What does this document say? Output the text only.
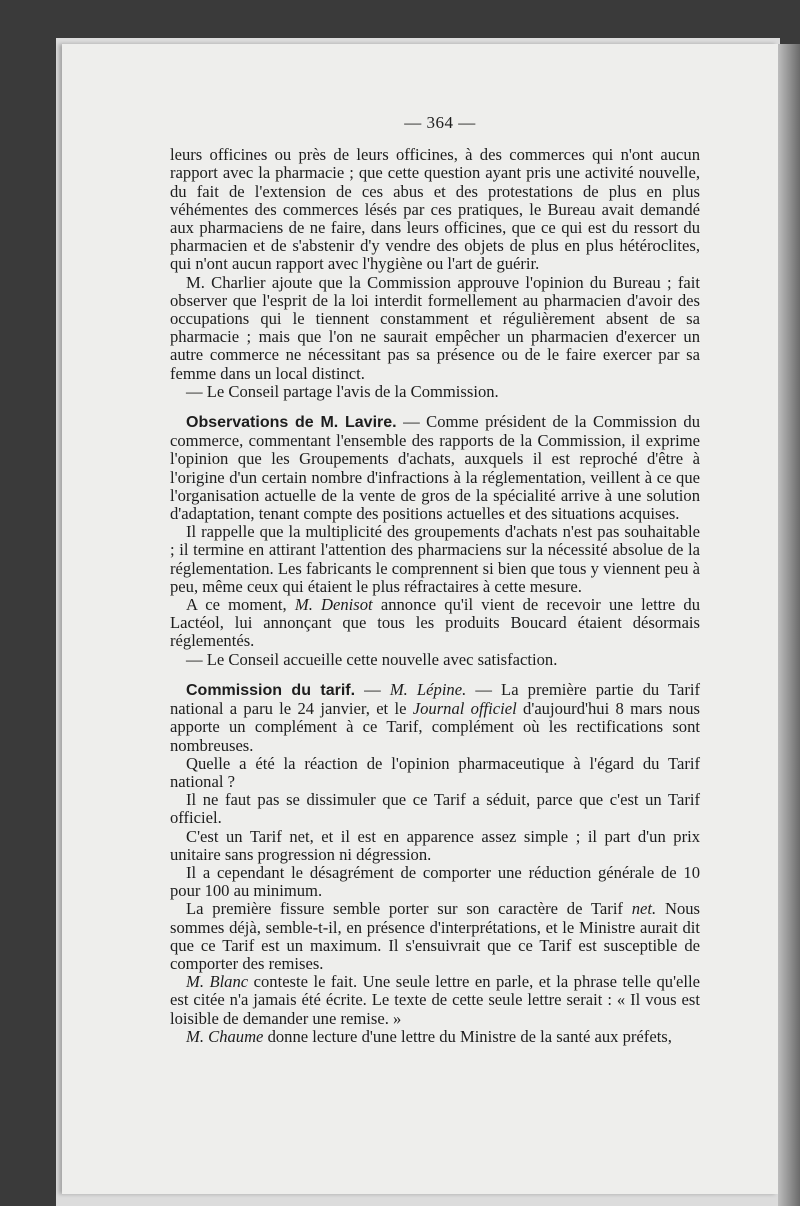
— 364 —

leurs officines ou près de leurs officines, à des commerces qui n'ont aucun rapport avec la pharmacie ; que cette question ayant pris une activité nouvelle, du fait de l'extension de ces abus et des protestations de plus en plus véhémentes des commerces lésés par ces pratiques, le Bureau avait demandé aux pharmaciens de ne faire, dans leurs officines, que ce qui est du ressort du pharmacien et de s'abstenir d'y vendre des objets de plus en plus hétéroclites, qui n'ont aucun rapport avec l'hygiène ou l'art de guérir.

M. Charlier ajoute que la Commission approuve l'opinion du Bureau ; fait observer que l'esprit de la loi interdit formellement au pharmacien d'avoir des occupations qui le tiennent constamment et régulièrement absent de sa pharmacie ; mais que l'on ne saurait empêcher un pharmacien d'exercer un autre commerce ne nécessitant pas sa présence ou de le faire exercer par sa femme dans un local distinct.

— Le Conseil partage l'avis de la Commission.

Observations de M. Lavire. — Comme président de la Commission du commerce, commentant l'ensemble des rapports de la Commission, il exprime l'opinion que les Groupements d'achats, auxquels il est reproché d'être à l'origine d'un certain nombre d'infractions à la réglementation, veillent à ce que l'organisation actuelle de la vente de gros de la spécialité arrive à une solution d'adaptation, tenant compte des positions actuelles et des situations acquises.

Il rappelle que la multiplicité des groupements d'achats n'est pas souhaitable ; il termine en attirant l'attention des pharmaciens sur la nécessité absolue de la réglementation. Les fabricants le comprennent si bien que tous y viennent peu à peu, même ceux qui étaient le plus réfractaires à cette mesure.

A ce moment, M. Denisot annonce qu'il vient de recevoir une lettre du Lactéol, lui annonçant que tous les produits Boucard étaient désormais réglementés.

— Le Conseil accueille cette nouvelle avec satisfaction.

Commission du tarif. — M. Lépine. — La première partie du Tarif national a paru le 24 janvier, et le Journal officiel d'aujourd'hui 8 mars nous apporte un complément à ce Tarif, complément où les rectifications sont nombreuses.

Quelle a été la réaction de l'opinion pharmaceutique à l'égard du Tarif national ?

Il ne faut pas se dissimuler que ce Tarif a séduit, parce que c'est un Tarif officiel.

C'est un Tarif net, et il est en apparence assez simple ; il part d'un prix unitaire sans progression ni dégression.

Il a cependant le désagrément de comporter une réduction générale de 10 pour 100 au minimum.

La première fissure semble porter sur son caractère de Tarif net. Nous sommes déjà, semble-t-il, en présence d'interprétations, et le Ministre aurait dit que ce Tarif est un maximum. Il s'ensuivrait que ce Tarif est susceptible de comporter des remises.

M. Blanc conteste le fait. Une seule lettre en parle, et la phrase telle qu'elle est citée n'a jamais été écrite. Le texte de cette seule lettre serait : « Il vous est loisible de demander une remise. »

M. Chaume donne lecture d'une lettre du Ministre de la santé aux préfets,
